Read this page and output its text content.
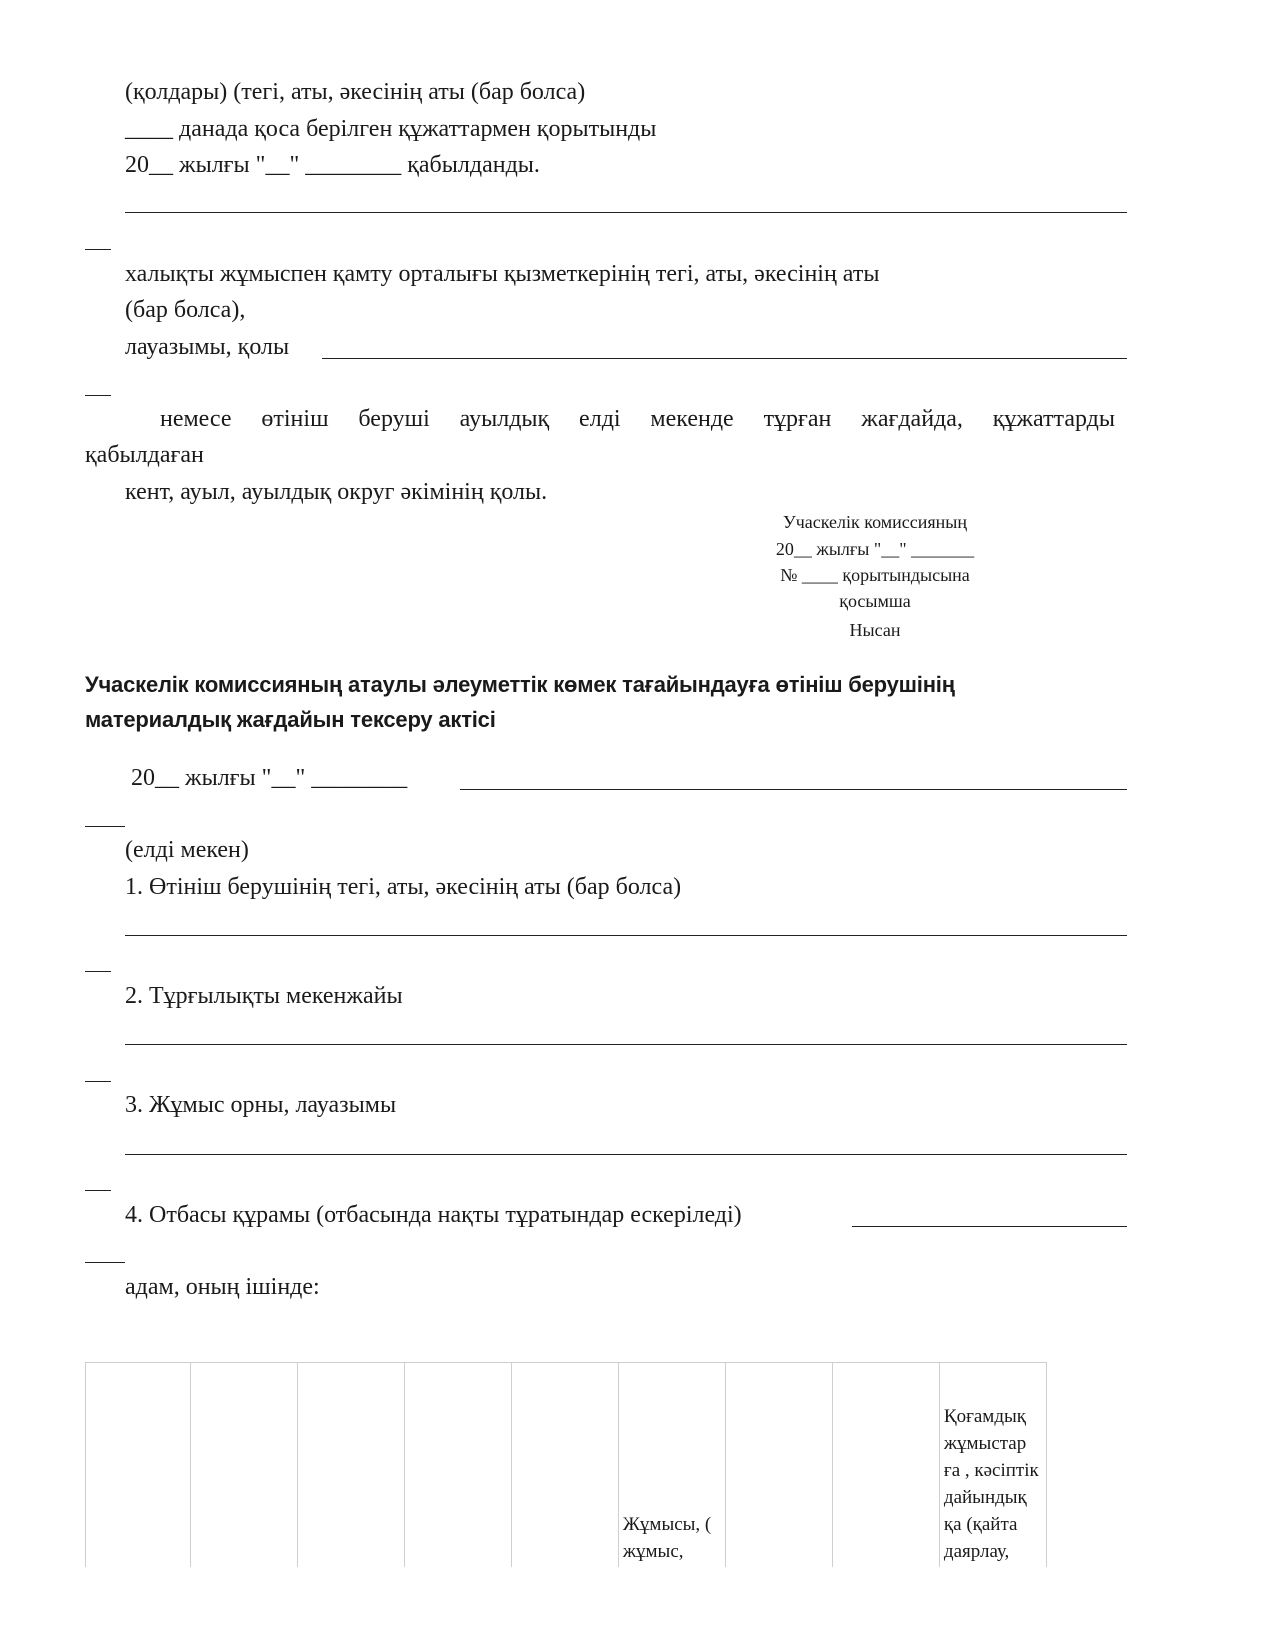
(қолдары) (тегі, аты, әкесінің аты (бар болса)
____ данада қоса берілген құжаттармен қорытынды
20__ жылғы "__" ________ қабылданды.
халықты жұмыспен қамту орталығы қызметкерінің тегі, аты, әкесінің аты
(бар болса),
лауазымы, қолы
немесе өтініш беруші ауылдық елді мекенде тұрған жағдайда, құжаттарды
қабылдаған
кент, ауыл, ауылдық округ әкімінің қолы.
Учаскелік комиссияның
20__ жылғы "__" _______
№ ____ қорытындысына
қосымша
Нысан
Учаскелік комиссияның атаулы әлеуметтік көмек тағайындауға өтініш берушінің
материалдық жағдайын тексеру актісі
20__ жылғы "__" ________
(елді мекен)
1. Өтініш берушінің тегі, аты, әкесінің аты (бар болса)
2. Тұрғылықты мекенжайы
3. Жұмыс орны, лауазымы
4. Отбасы құрамы (отбасында нақты тұратындар ескеріледі)
адам, оның ішінде:
					Жұмысы, ( жұмыс,			Қоғамдық жұмыстар ға , кәсіптік дайындық қа (қайта даярлау,
